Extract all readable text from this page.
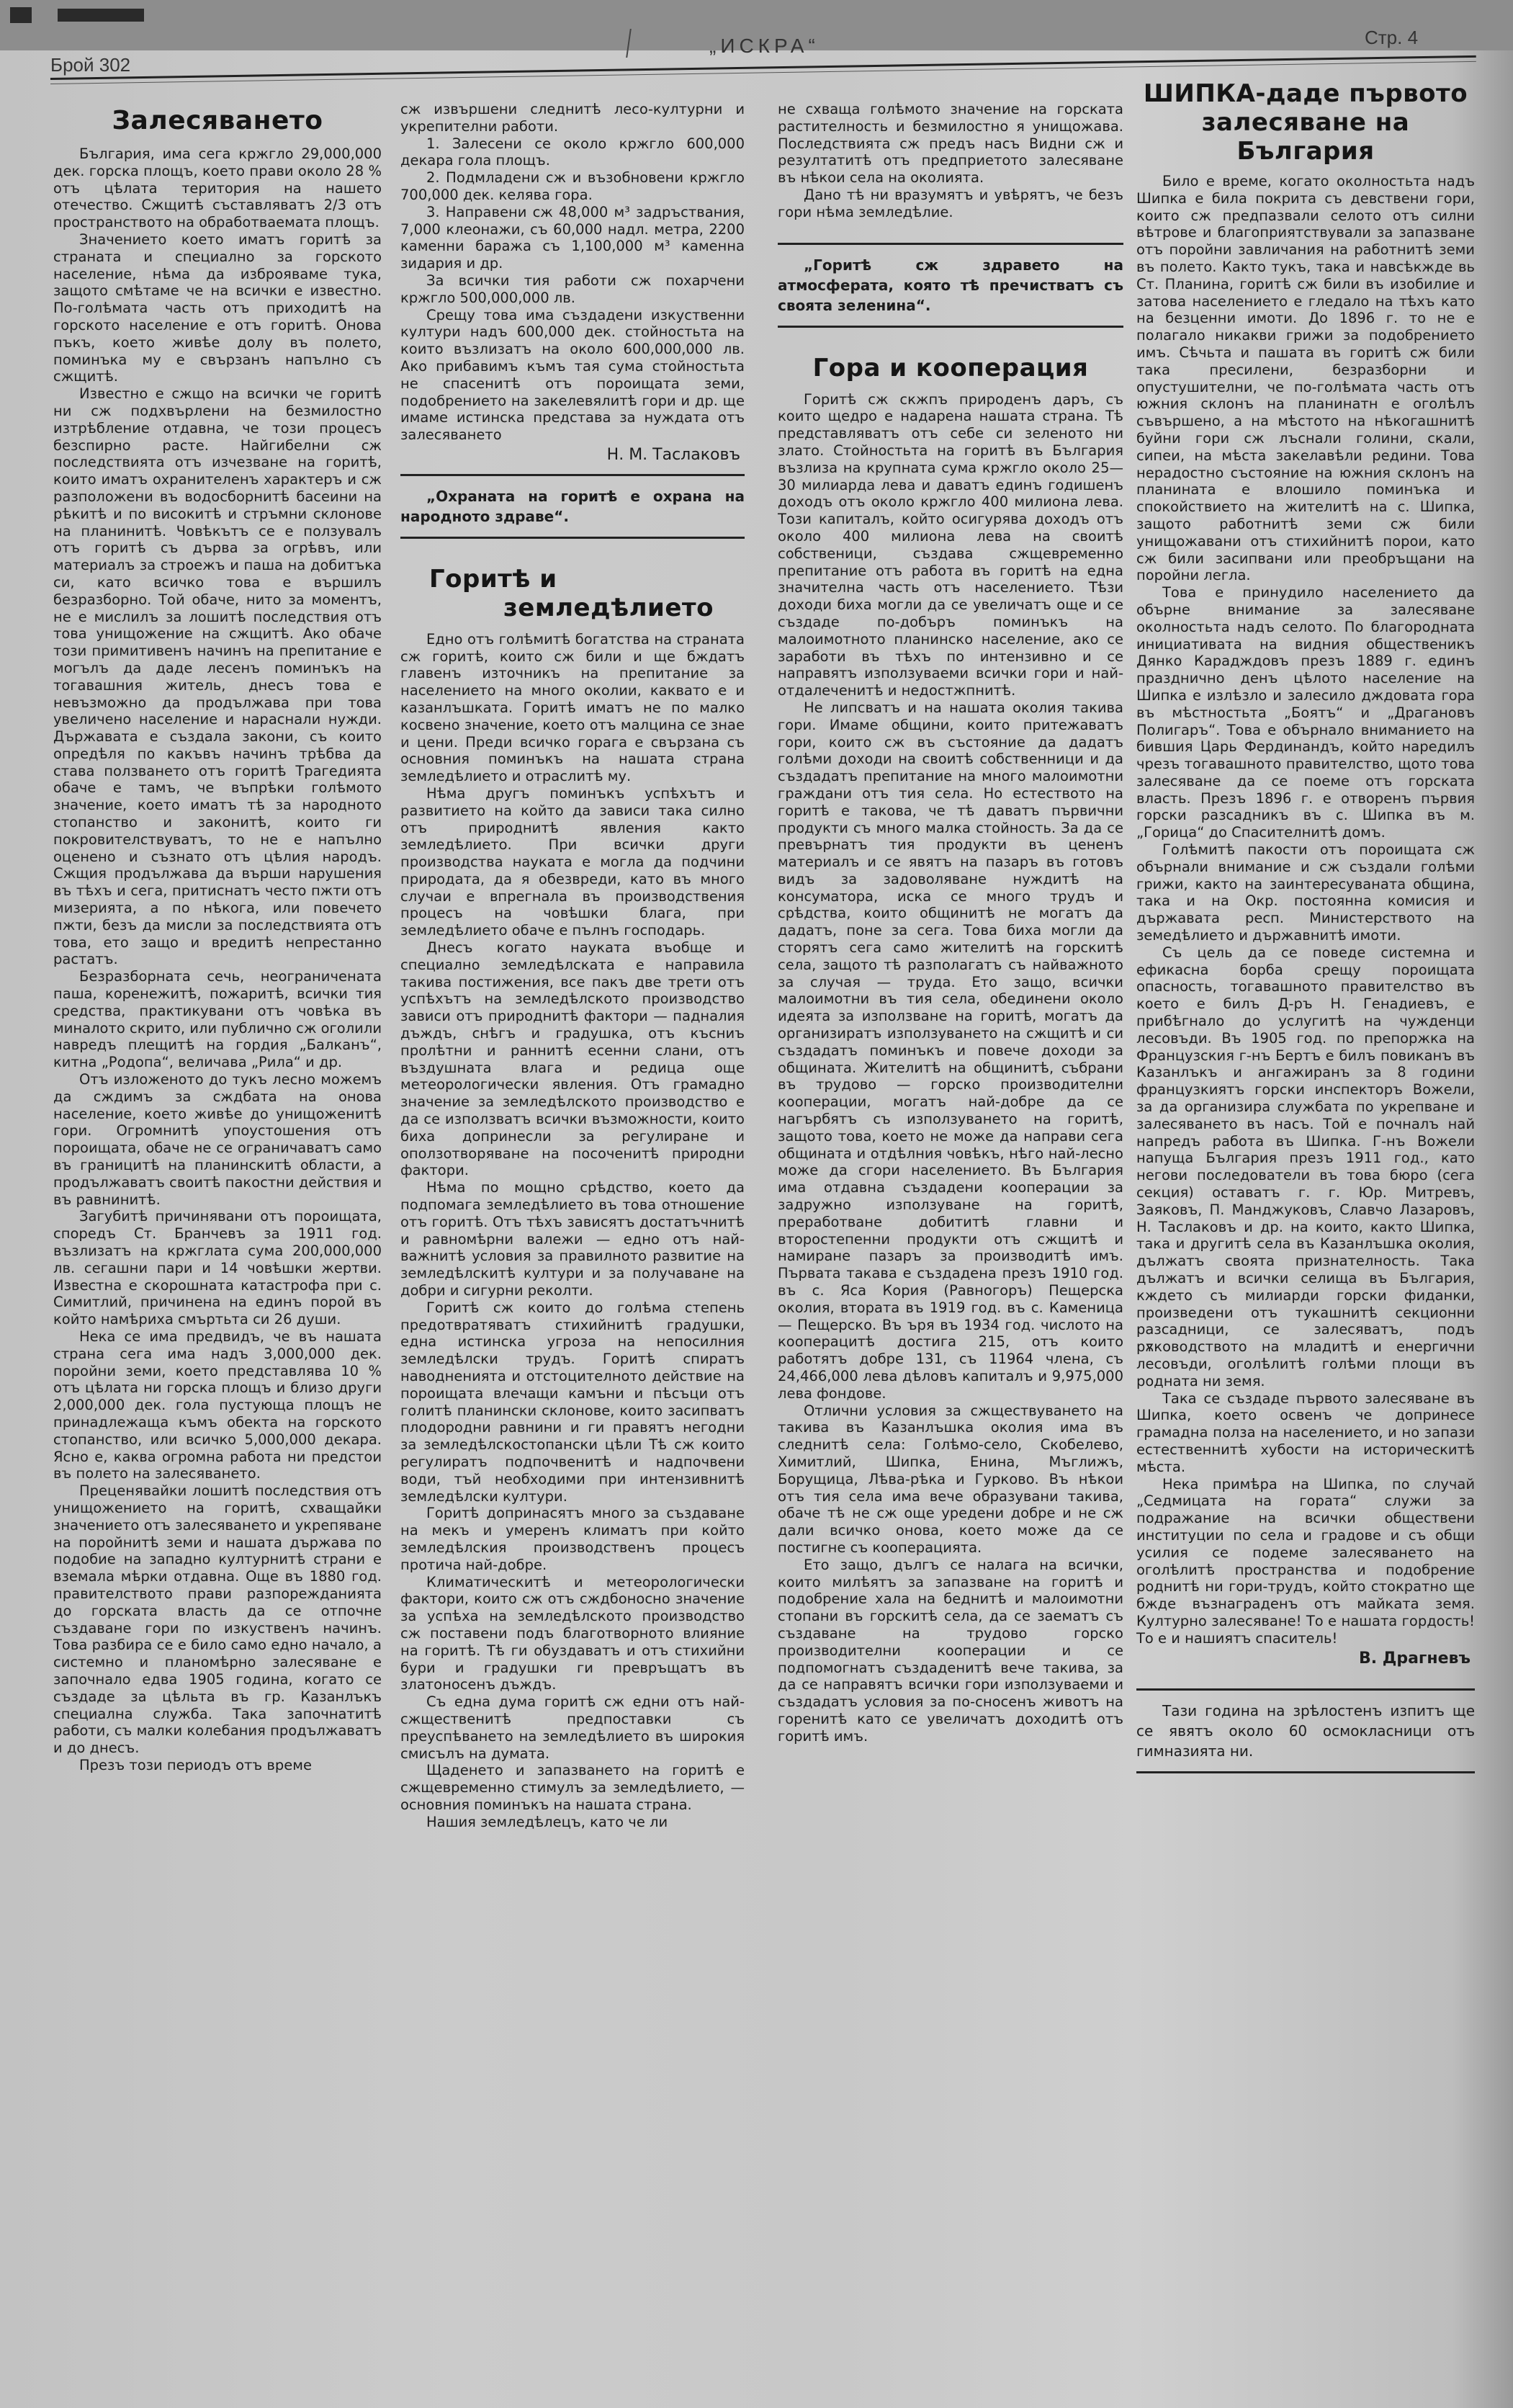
Брой 302
„ИСКРА“	Стр. 4
Залесяването

България, има сега кржгло 29,000,000 дек. горска площъ, което прави около 28 % отъ цѣлата територия на нашето отечество. Сжщитѣ съставляватъ 2/3 отъ пространството на обработваемата площъ.

Значението което иматъ горитѣ за страната и специално за горското население, нѣма да изброяваме тука, защото смѣтаме че на всички е известно. По-голѣмата часть отъ приходитѣ на горското население е отъ горитѣ. Онова пъкъ, което живѣе долу въ полето, поминъка му е свързанъ напълно съ сжщитѣ.

Известно е сжщо на всички че горитѣ ни сж подхвърлени на безмилостно изтрѣбление отдавна, че този процесъ безспирно расте. Найгибелни сж последствията отъ изчезване на горитѣ, които иматъ охранителенъ характеръ и сж разположени въ водосборнитѣ басеини на рѣкитѣ и по високитѣ и стръмни склонове на планинитѣ. Човѣкътъ се е ползувалъ отъ горитѣ съ дърва за огрѣвъ, или материалъ за строежъ и паша на добитъка си, като всичко това е вършилъ безразборно. Той обаче, нито за моментъ, не е мислилъ за лошитѣ последствия отъ това унищожение на сжщитѣ. Ако обаче този примитивенъ начинъ на препитание е могълъ да даде лесенъ поминъкъ на тогавашния житель, днесъ това е невъзможно да продължава при това увеличено население и нараснали нужди. Държавата е създала закони, съ които опредѣля по какъвъ начинъ трѣбва да става ползването отъ горитѣ Трагедията обаче е тамъ, че въпрѣки голѣмото значение, което иматъ тѣ за народното стопанство и законитѣ, които ги покровителствуватъ, то не е напълно оценено и съзнато отъ цѣлия народъ. Сжщия продължава да върши нарушения въ тѣхъ и сега, притиснатъ често пжти отъ мизерията, а по нѣкога, или повечето пжти, безъ да мисли за последствията отъ това, ето защо и вредитѣ непрестанно растатъ.

Безразборната сечь, неограничената паша, коренежитѣ, пожаритѣ, всички тия средства, практикувани отъ човѣка въ миналото скрито, или публично сж оголили навредъ плещитѣ на гордия „Балканъ“, китна „Родопа“, величава „Рила“ и др.

Отъ изложеното до тукъ лесно можемъ да сждимъ за сждбата на онова население, което живѣе до унищоженитѣ гори. Огромнитѣ упоустошения отъ пороищата, обаче не се ограничаватъ само въ границитѣ на планинскитѣ области, а продължаватъ своитѣ пакостни действия и въ равнинитѣ.

Загубитѣ причинявани отъ пороищата, споредъ Ст. Бранчевъ за 1911 год. възлизатъ на кржглата сума 200,000,000 лв. сегашни пари и 14 човѣшки жертви. Известна е скорошната катастрофа при с. Симитлий, причинена на единъ порой въ който намѣриха смъртьта си 26 души.

Нека се има предвидъ, че въ нашата страна сега има надъ 3,000,000 дек. поройни земи, което представлява 10 % отъ цѣлата ни горска площъ и близо други 2,000,000 дек. гола пустующа площъ не принадлежаща къмъ обекта на горското стопанство, или всичко 5,000,000 декара. Ясно е, каква огромна работа ни предстои въ полето на залесяването.

Преценявайки лошитѣ последствия отъ унищожението на горитѣ, схващайки значението отъ залесяването и укрепяване на поройнитѣ земи и нашата държава по подобие на западно културнитѣ страни е вземала мѣрки отдавна. Още въ 1880 год. правителството прави разпорежданията до горската власть да се отпочне създаване гори по изкуственъ начинъ. Това разбира се е било само едно начало, а системно и планомѣрно залесяване е започнало едва 1905 година, когато се създаде за цѣльта въ гр. Казанлъкъ специална служба. Така започнатитѣ работи, съ малки колебания продължаватъ и до днесъ.

Презъ този периодъ отъ време

сж извършени следнитѣ лесо-културни и укрепителни работи.

1. Залесени се около кржгло 600,000 декара гола площъ.

2. Подмладени сж и възобновени кржгло 700,000 дек. келява гора.

3. Направени сж 48,000 м³ задръствания, 7,000 клеонажи, съ 60,000 надл. метра, 2200 каменни баража съ 1,100,000 м³ каменна зидария и др.

За всички тия работи сж похарчени кржгло 500,000,000 лв.

Срещу това има създадени изкуственни култури надъ 600,000 дек. стойностьта на които възлизатъ на около 600,000,000 лв. Ако прибавимъ къмъ тая сума стойностьта не спасенитѣ отъ пороищата земи, подобрението на закелевялитѣ гори и др. ще имаме истинска представа за нуждата отъ залесяването

Н. М. Таслаковъ

„Охраната на горитѣ е охрана на народното здраве“.

Горитѣ и
земледѣлието

Едно отъ голѣмитѣ богатства на страната сж горитѣ, които сж били и ще бждатъ главенъ източникъ на препитание за населението на много околии, каквато е и казанлъшката. Горитѣ иматъ не по малко косвено значение, което отъ малцина се знае и цени. Преди всичко горага е свързана съ основния поминъкъ на нашата страна земледѣлието и отраслитѣ му.

Нѣма другъ поминъкъ успѣхътъ и развитието на който да зависи така силно отъ природнитѣ явления както земледѣлието. При всички други производства науката е могла да подчини природата, да я обезвреди, като въ много случаи е впрегнала въ производствения процесъ на човѣшки блага, при земледѣлието обаче е пълнъ господарь.

Днесъ когато науката въобще и специално земледѣлската е направила такива постижения, все пакъ две трети отъ успѣхътъ на земледѣлското производство зависи отъ природнитѣ фактори — падналия дъждъ, снѣгъ и градушка, отъ късниъ пролѣтни и раннитѣ есенни слани, отъ въздушната влага и редица още метеорологически явления. Отъ грамадно значение за земледѣлското производство е да се използватъ всички възможности, които биха допринесли за регулиране и оползотворяване на посоченитѣ природни фактори.

Нѣма по мощно срѣдство, което да подпомага земледѣлието въ това отношение отъ горитѣ. Отъ тѣхъ зависятъ достатъчнитѣ и равномѣрни валежи — едно отъ най-важнитѣ условия за правилното развитие на земледѣлскитѣ култури и за получаване на добри и сигурни реколти.

Горитѣ сж които до голѣма степень предотвратяватъ стихийнитѣ градушки, една истинска угроза на непосилния земледѣлски трудъ. Горитѣ спиратъ наводненията и отстоцителното действие на пороищата влечащи камъни и пѣсъци отъ голитѣ планински склонове, които засипватъ плодородни равнини и ги правятъ негодни за земледѣлскостопански цѣли Тѣ сж които регулиратъ подпочвенитѣ и надпочвени води, тъй необходими при интензивнитѣ земледѣлски култури.

Горитѣ допринасятъ много за създаване на мекъ и умеренъ климатъ при който земледѣлския производственъ процесъ протича най-добре.

Климатическитѣ и метеорологически фактори, които сж отъ сждбоносно значение за успѣха на земледѣлското производство сж поставени подъ благотворното влияние на горитѣ. Тѣ ги обуздаватъ и отъ стихийни бури и градушки ги превръщатъ въ златоносенъ дъждъ.

Съ една дума горитѣ сж едни отъ най-сжщественитѣ предпоставки съ преуспѣването на земледѣлието въ широкия смисълъ на думата.

Щаденето и запазването на горитѣ е сжщевременно стимулъ за земледѣлието, — основния поминъкъ на нашата страна.

Нашия земледѣлецъ, като че ли

не схваща голѣмото значение на горската растителность и безмилостно я унищожава. Последствията сж предъ насъ Видни сж и резултатитѣ отъ предприетото залесяване въ нѣкои села на околията.

Дано тѣ ни вразумятъ и увѣрятъ, че безъ гори нѣма земледѣлие.

„Горитѣ сж здравето на атмосферата, която тѣ пречистватъ съ своята зеленина“.

Гора и кооперация

Горитѣ сж скжпъ природенъ даръ, съ които щедро е надарена нашата страна. Тѣ представляватъ отъ себе си зеленото ни злато. Стойностьта на горитѣ въ България възлиза на крупната сума кржгло около 25—30 милиарда лева и даватъ единъ годишенъ доходъ отъ около кржгло 400 милиона лева. Този капиталъ, който осигурява доходъ отъ около 400 милиона лева на своитѣ собственици, създава сжщевременно препитание отъ работа въ горитѣ на една значителна часть отъ населението. Тѣзи доходи биха могли да се увеличатъ още и се създаде по-добъръ поминъкъ на малоимотното планинско население, ако се заработи въ тѣхъ по интензивно и се направятъ използуваеми всички гори и най-отдалеченитѣ и недостжпнитѣ.

Не липсватъ и на нашата околия такива гори. Имаме общини, които притежаватъ гори, които сж въ състояние да дадатъ голѣми доходи на своитѣ собственници и да създадатъ препитание на много малоимотни граждани отъ тия села. Но естеството на горитѣ е такова, че тѣ даватъ първични продукти съ много малка стойность. За да се превърнатъ тия продукти въ цененъ материалъ и се явятъ на пазаръ въ готовъ видъ за задоволяване нуждитѣ на консуматора, иска се много трудъ и срѣдства, които общинитѣ не могатъ да дадатъ, поне за сега. Това биха могли да сторятъ сега само жителитѣ на горскитѣ села, защото тѣ разполагатъ съ найважното за случая — труда. Ето защо, всички малоимотни въ тия села, обединени около идеята за използване на горитѣ, могатъ да организиратъ използуването на сжщитѣ и си създадатъ поминъкъ и повече доходи за общината. Жителитѣ на общинитѣ, събрани въ трудово — горско производителни кооперации, могатъ най-добре да се нагърбятъ съ използуването на горитѣ, защото това, което не може да направи сега общината и отдѣлния човѣкъ, нѣго най-лесно може да сгори населението. Въ България има отдавна създадени кооперации за задружно използуване на горитѣ, преработване добититѣ главни и второстепенни продукти отъ сжщитѣ и намиране пазаръ за производитѣ имъ. Първата такава е създадена презъ 1910 год. въ с. Яса Кория (Равногоръ) Пещерска околия, втората въ 1919 год. въ с. Каменица — Пещерско. Въ ъря въ 1934 год. числото на кооперацитѣ достига 215, отъ които работятъ добре 131, съ 11964 члена, съ 24,466,000 лева дѣловъ капиталъ и 9,975,000 лева фондове.

Отлични условия за сжществуването на такива въ Казанлъшка околия има въ следнитѣ села: Голѣмо-село, Скобелево, Химитлий, Шипка, Енина, Мъглижъ, Борущица, Лѣва-рѣка и Гурково. Въ нѣкои отъ тия села има вече образувани такива, обаче тѣ не сж още уредени добре и не сж дали всичко онова, което може да се постигне съ кооперацията.

Ето защо, дългъ се налага на всички, които милѣятъ за запазване на горитѣ и подобрение хала на беднитѣ и малоимотни стопани въ горскитѣ села, да се заематъ съ създаване на трудово горско производителни кооперации и се подпомогнатъ създаденитѣ вече такива, за да се направятъ всички гори използуваеми и създадатъ условия за по-сносенъ животъ на горенитѣ като се увеличатъ доходитѣ отъ горитѣ имъ.

ШИПКА-даде първото
залесяване на
България

Било е време, когато околностьта надъ Шипка е била покрита съ девствени гори, които сж предпазвали селото отъ силни вѣтрове и благоприятствували за запазване отъ поройни завличания на работнитѣ земи въ полето. Както тукъ, така и навсѣкжде вь Ст. Планина, горитѣ сж били въ изобилие и затова населението е гледало на тѣхъ като на безценни имоти. До 1896 г. то не е полагало никакви грижи за подобрението имъ. Сѣчьта и пашата въ горитѣ сж били така пресилени, безразборни и опустушителни, че по-голѣмата часть отъ южния склонъ на планинатн е оголѣлъ съвършено, а на мѣстото на нѣкогашнитѣ буйни гори сж лъснали голини, скали, сипеи, на мѣста закелавѣли редини. Това нерадостно състояние на южния склонъ на планината е влошило поминъка и спокойствието на жителитѣ на с. Шипка, защото работнитѣ земи сж били унищожавани отъ стихийнитѣ порои, като сж били засипвани или преобръщани на поройни легла.

Това е принудило населението да обърне внимание за залесяване околностьта надъ селото. По благородната инициативата на видния общественикъ Дянко Карадждовъ презъ 1889 г. единъ празднично денъ цѣлото население на Шипка е излѣзло и залесило дждовата гора въ мѣстностьта „Боятъ“ и „Драгановъ Полигаръ“. Това е обърнало вниманието на бившия Царь Фердинандъ, който наредилъ чрезъ тогавашното правителство, щото това залесяване да се поеме отъ горската власть. Презъ 1896 г. е отворенъ първия горски разсадникъ въ с. Шипка въ м. „Горица“ до Спасителнитѣ домъ.

Голѣмитѣ пакости отъ пороищата сж обърнали внимание и сж създали голѣми грижи, както на заинтересуваната община, така и на Окр. постоянна комисия и държавата респ. Министерството на земедѣлието и държавнитѣ имоти.

Съ цель да се поведе системна и ефикасна борба срещу пороищата опасность, тогавашното правителство въ което е билъ Д-ръ Н. Генадиевъ, е прибѣгнало до услугитѣ на чужденци лесовъди. Въ 1905 год. по препоржка на Французския г-нъ Бертъ е билъ повиканъ въ Казанлъкъ и ангажиранъ за 8 години французкиятъ горски инспекторъ Вожели, за да организира службата по укрепване и залесяването въ насъ. Той е почналъ най напредъ работа въ Шипка. Г-нъ Вожели напуща България презъ 1911 год., като негови последователи въ това бюро (сега секция) оставатъ г. г. Юр. Митревъ, Заяковъ, П. Манджуковъ, Славчо Лазаровъ, Н. Таслаковъ и др. на които, както Шипка, така и другитѣ села въ Казанлъшка околия, дължатъ своята признателность. Така дължатъ и всички селища въ България, кждето съ милиарди горски фиданки, произведени отъ тукашнитѣ секционни разсадници, се залесяватъ, подъ рѫководството на младитѣ и енергични лесовъди, оголѣлитѣ голѣми площи въ родната ни земя.

Така се създаде първото залесяване въ Шипка, което освенъ че допринесе грамадна полза на населението, и но запази естественнитѣ хубости на историческитѣ мѣста.

Нека примѣра на Шипка, по случай „Седмицата на гората“ служи за подражание на всички обществени институции по села и градове и съ общи усилия се подеме залесяването на оголѣлитѣ пространства и подобрение роднитѣ ни гори-трудъ, който стократно ще бжде възнаграденъ отъ майката земя. Културно залесяване! То е нашата гордость! То е и нашиятъ спаситель!

В. Драгневъ

Тази година на зрѣлостенъ изпитъ ще се явятъ около 60 осмокласници отъ гимназията ни.
